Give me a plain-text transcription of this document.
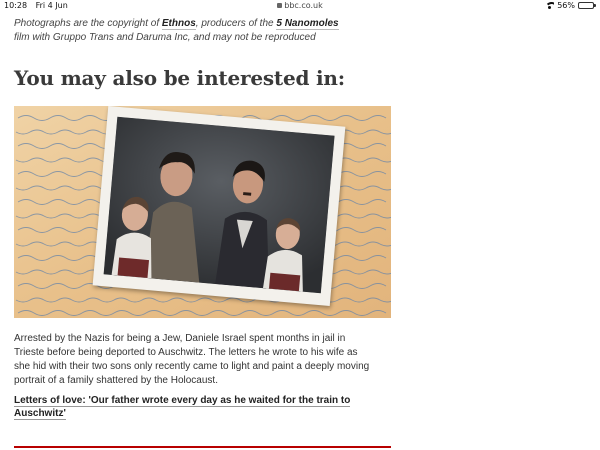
10:28 Fri 4 Jun	bbc.co.uk	56%

Photographs are the copyright of Ethnos, producers of the 5 Nanomoles film with Gruppo Trans and Daruma Inc, and may not be reproduced

You may also be interested in:

Arrested by the Nazis for being a Jew, Daniele Israel spent months in jail in Trieste before being deported to Auschwitz. The letters he wrote to his wife as she hid with their two sons only recently came to light and paint a deeply moving portrait of a family shattered by the Holocaust.

Letters of love: 'Our father wrote every day as he waited for the train to Auschwitz'
